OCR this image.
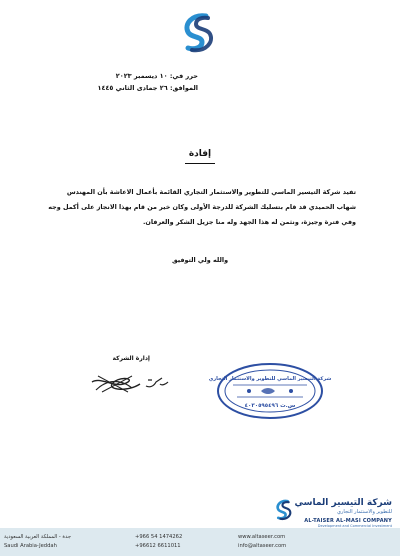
حرر في: ١٠ ديسمبر ٢٠٢٣
الموافق: ٢٦ جمادى الثاني ١٤٤٥
إفادة
تفيد شركة التيسير الماسي للتطوير والاستثمار التجاري القائمة بأعمال الاعاشة بأن المهندس شهاب الحميدي قد قام بتسليك الشركة للدرجة الأولى وكان خير من قام بهذا الانجاز على أكمل وجه وفي فترة وجيزة، ونثمن له هذا الجهد وله منا جزيل الشكر والعرفان.
والله ولي التوفيق
إدارة الشركة
شركة التيسير الماسي للتطوير والاستثمار التجاري
س.ت ٤٠٣٠٥٩٥٤٩٦
شركة التيسير الماسي
للتطوير والاستثمار التجاري
AL-TAISER AL-MASI COMPANY
Development and Commercial Investment
جدة - المملكة العربية السعودية
Saudi Arabia-Jeddah
+966 54 1474262
+96612 6611011
www.altaseer.com
info@altaseer.com
